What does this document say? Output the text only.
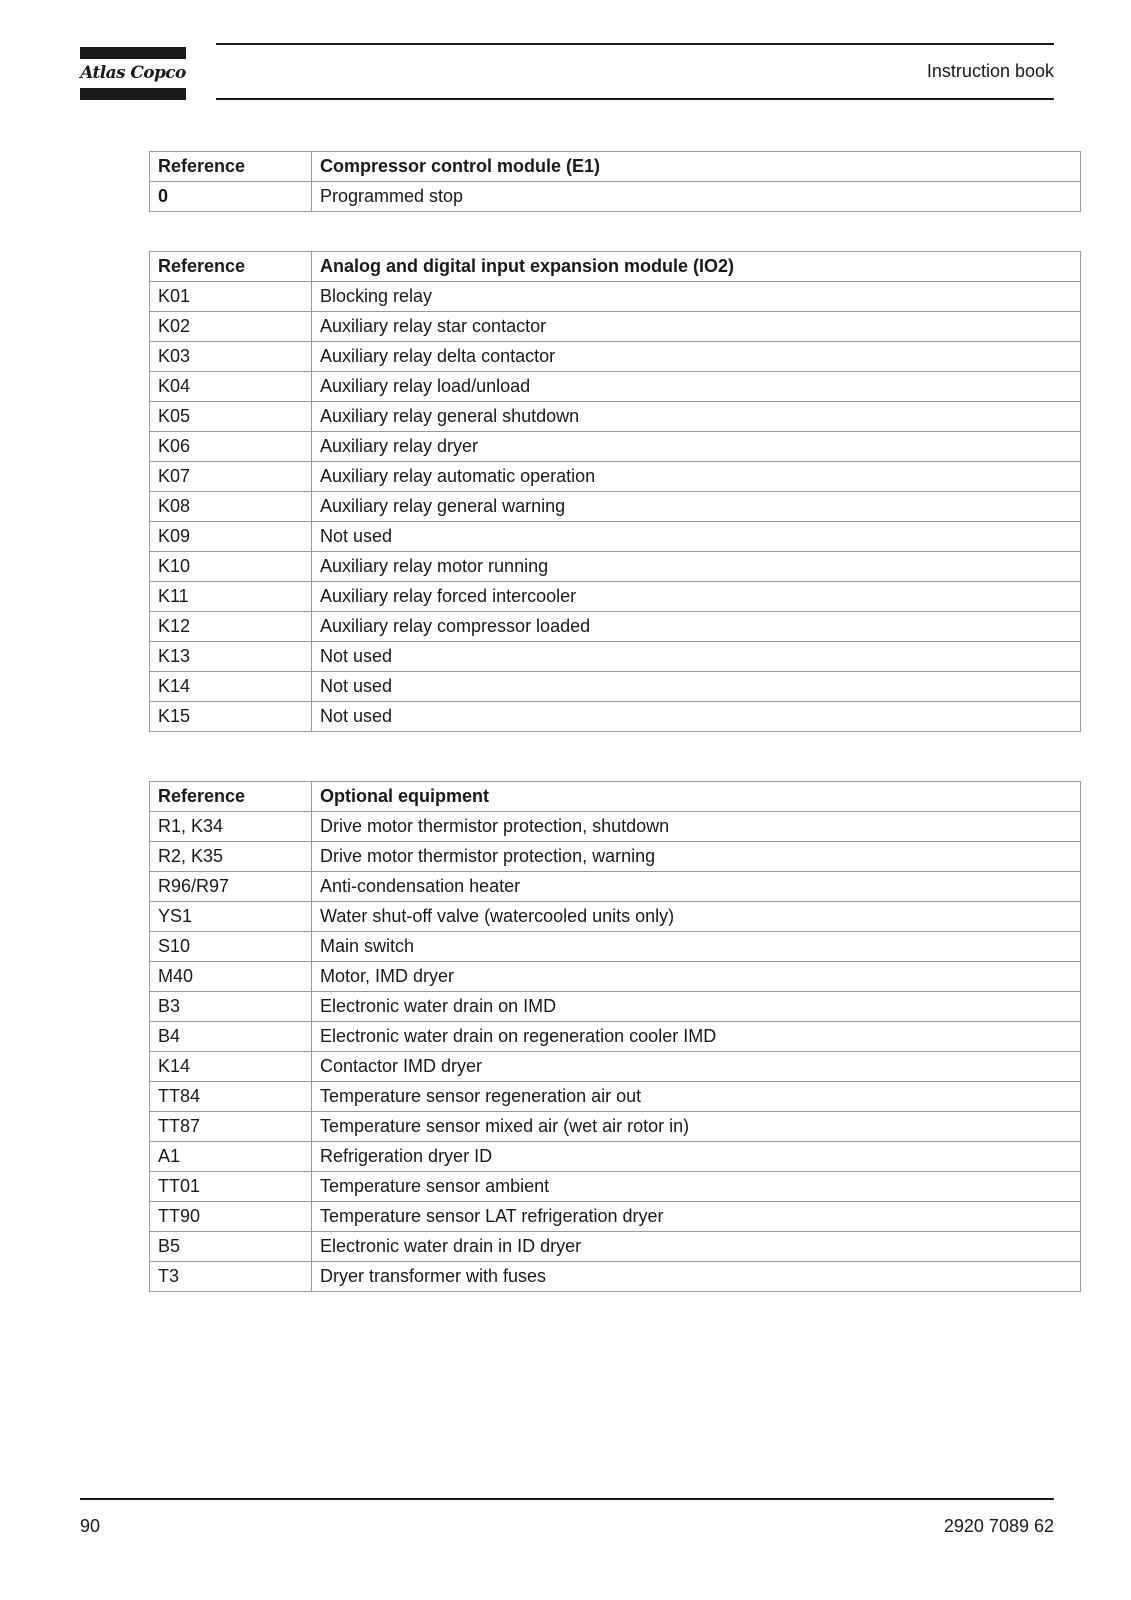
Atlas Copco	Instruction book
Reference	Compressor control module (E1)
0	Programmed stop
Reference	Analog and digital input expansion module (IO2)
K01	Blocking relay
K02	Auxiliary relay star contactor
K03	Auxiliary relay delta contactor
K04	Auxiliary relay load/unload
K05	Auxiliary relay general shutdown
K06	Auxiliary relay dryer
K07	Auxiliary relay automatic operation
K08	Auxiliary relay general warning
K09	Not used
K10	Auxiliary relay motor running
K11	Auxiliary relay forced intercooler
K12	Auxiliary relay compressor loaded
K13	Not used
K14	Not used
K15	Not used
Reference	Optional equipment
R1, K34	Drive motor thermistor protection, shutdown
R2, K35	Drive motor thermistor protection, warning
R96/R97	Anti-condensation heater
YS1	Water shut-off valve (watercooled units only)
S10	Main switch
M40	Motor, IMD dryer
B3	Electronic water drain on IMD
B4	Electronic water drain on regeneration cooler IMD
K14	Contactor IMD dryer
TT84	Temperature sensor regeneration air out
TT87	Temperature sensor mixed air (wet air rotor in)
A1	Refrigeration dryer ID
TT01	Temperature sensor ambient
TT90	Temperature sensor LAT refrigeration dryer
B5	Electronic water drain in ID dryer
T3	Dryer transformer with fuses
90	2920 7089 62
